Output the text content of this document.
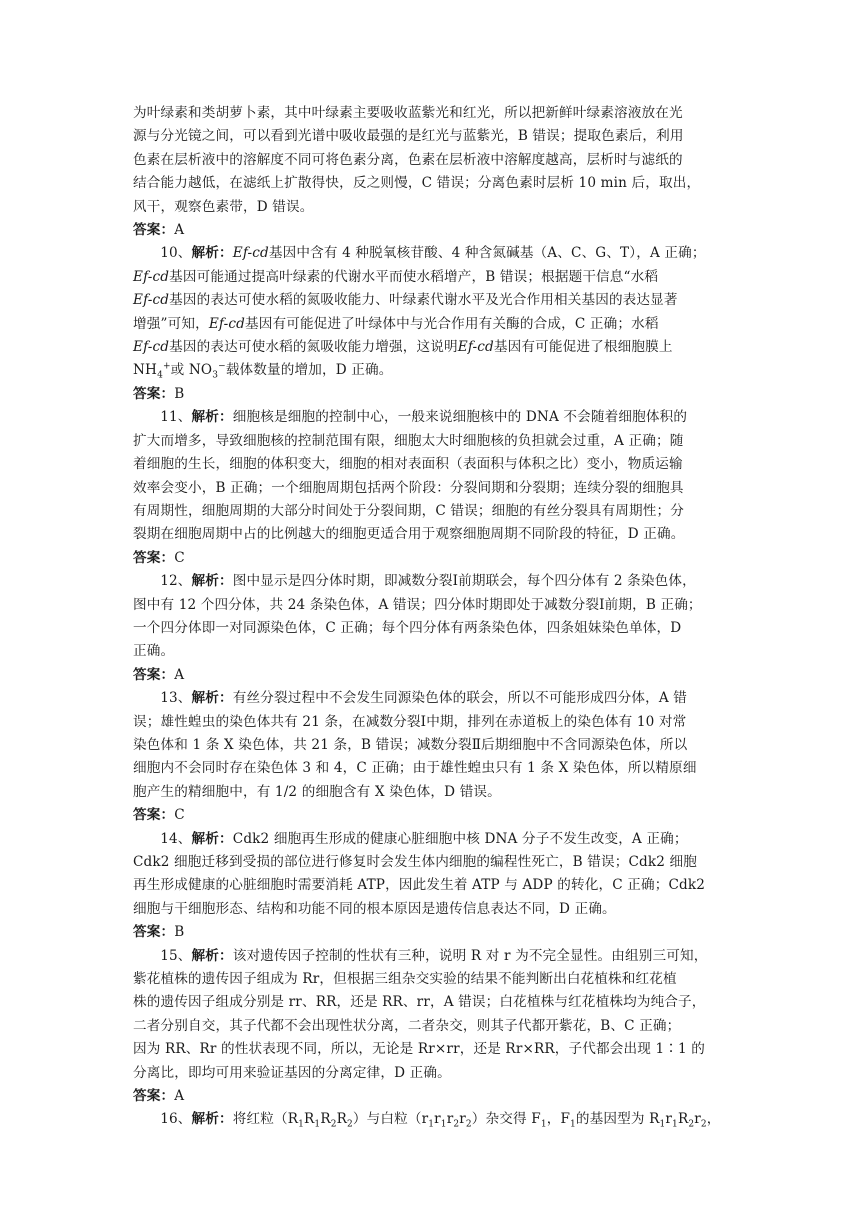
为叶绿素和类胡萝卜素，其中叶绿素主要吸收蓝紫光和红光，所以把新鲜叶绿素溶液放在光
源与分光镜之间，可以看到光谱中吸收最强的是红光与蓝紫光，B 错误；提取色素后，利用
色素在层析液中的溶解度不同可将色素分离，色素在层析液中溶解度越高，层析时与滤纸的
结合能力越低，在滤纸上扩散得快，反之则慢，C 错误；分离色素时层析 10 min 后，取出，
风干，观察色素带，D 错误。

答案：A

10、解析：Ef-cd基因中含有 4 种脱氧核苷酸、4 种含氮碱基（A、C、G、T），A 正确；
Ef-cd基因可能通过提高叶绿素的代谢水平而使水稻增产，B 错误；根据题干信息“水稻
Ef-cd基因的表达可使水稻的氮吸收能力、叶绿素代谢水平及光合作用相关基因的表达显著
增强”可知，Ef-cd基因有可能促进了叶绿体中与光合作用有关酶的合成，C 正确；水稻
Ef-cd基因的表达可使水稻的氮吸收能力增强，这说明Ef-cd基因有可能促进了根细胞膜上
$NH_4^+$或 $NO_3^-$载体数量的增加，D 正确。

答案：B

11、解析：细胞核是细胞的控制中心，一般来说细胞核中的 DNA 不会随着细胞体积的
扩大而增多，导致细胞核的控制范围有限，细胞太大时细胞核的负担就会过重，A 正确；随
着细胞的生长，细胞的体积变大，细胞的相对表面积（表面积与体积之比）变小，物质运输
效率会变小，B 正确；一个细胞周期包括两个阶段：分裂间期和分裂期；连续分裂的细胞具
有周期性，细胞周期的大部分时间处于分裂间期，C 错误；细胞的有丝分裂具有周期性；分
裂期在细胞周期中占的比例越大的细胞更适合用于观察细胞周期不同阶段的特征，D 正确。

答案：C

12、解析：图中显示是四分体时期，即减数分裂Ⅰ前期联会，每个四分体有 2 条染色体，
图中有 12 个四分体，共 24 条染色体，A 错误；四分体时期即处于减数分裂Ⅰ前期，B 正确；
一个四分体即一对同源染色体，C 正确；每个四分体有两条染色体，四条姐妹染色单体，D
正确。

答案：A

13、解析：有丝分裂过程中不会发生同源染色体的联会，所以不可能形成四分体，A 错
误；雄性蝗虫的染色体共有 21 条，在减数分裂Ⅰ中期，排列在赤道板上的染色体有 10 对常
染色体和 1 条 X 染色体，共 21 条，B 错误；减数分裂Ⅱ后期细胞中不含同源染色体，所以
细胞内不会同时存在染色体 3 和 4，C 正确；由于雄性蝗虫只有 1 条 X 染色体，所以精原细
胞产生的精细胞中，有 1/2 的细胞含有 X 染色体，D 错误。

答案：C

14、解析：Cdk2 细胞再生形成的健康心脏细胞中核 DNA 分子不发生改变，A 正确；
Cdk2 细胞迁移到受损的部位进行修复时会发生体内细胞的编程性死亡，B 错误；Cdk2 细胞
再生形成健康的心脏细胞时需要消耗 ATP，因此发生着 ATP 与 ADP 的转化，C 正确；Cdk2
细胞与干细胞形态、结构和功能不同的根本原因是遗传信息表达不同，D 正确。

答案：B

15、解析：该对遗传因子控制的性状有三种，说明 R 对 r 为不完全显性。由组别三可知，
紫花植株的遗传因子组成为 Rr，但根据三组杂交实验的结果不能判断出白花植株和红花植
株的遗传因子组成分别是 rr、RR，还是 RR、rr，A 错误；白花植株与红花植株均为纯合子，
二者分别自交，其子代都不会出现性状分离，二者杂交，则其子代都开紫花，B、C 正确；
因为 RR、Rr 的性状表现不同，所以，无论是 Rr×rr，还是 Rr×RR，子代都会出现 1∶1 的
分离比，即均可用来验证基因的分离定律，D 正确。

答案：A

16、解析：将红粒$(R_1R_1R_2R_2)$与白粒$(r_1r_1r_2r_2)$杂交得 $F_1$，$F_1$的基因型为 $R_1r_1R_2r_2$，
